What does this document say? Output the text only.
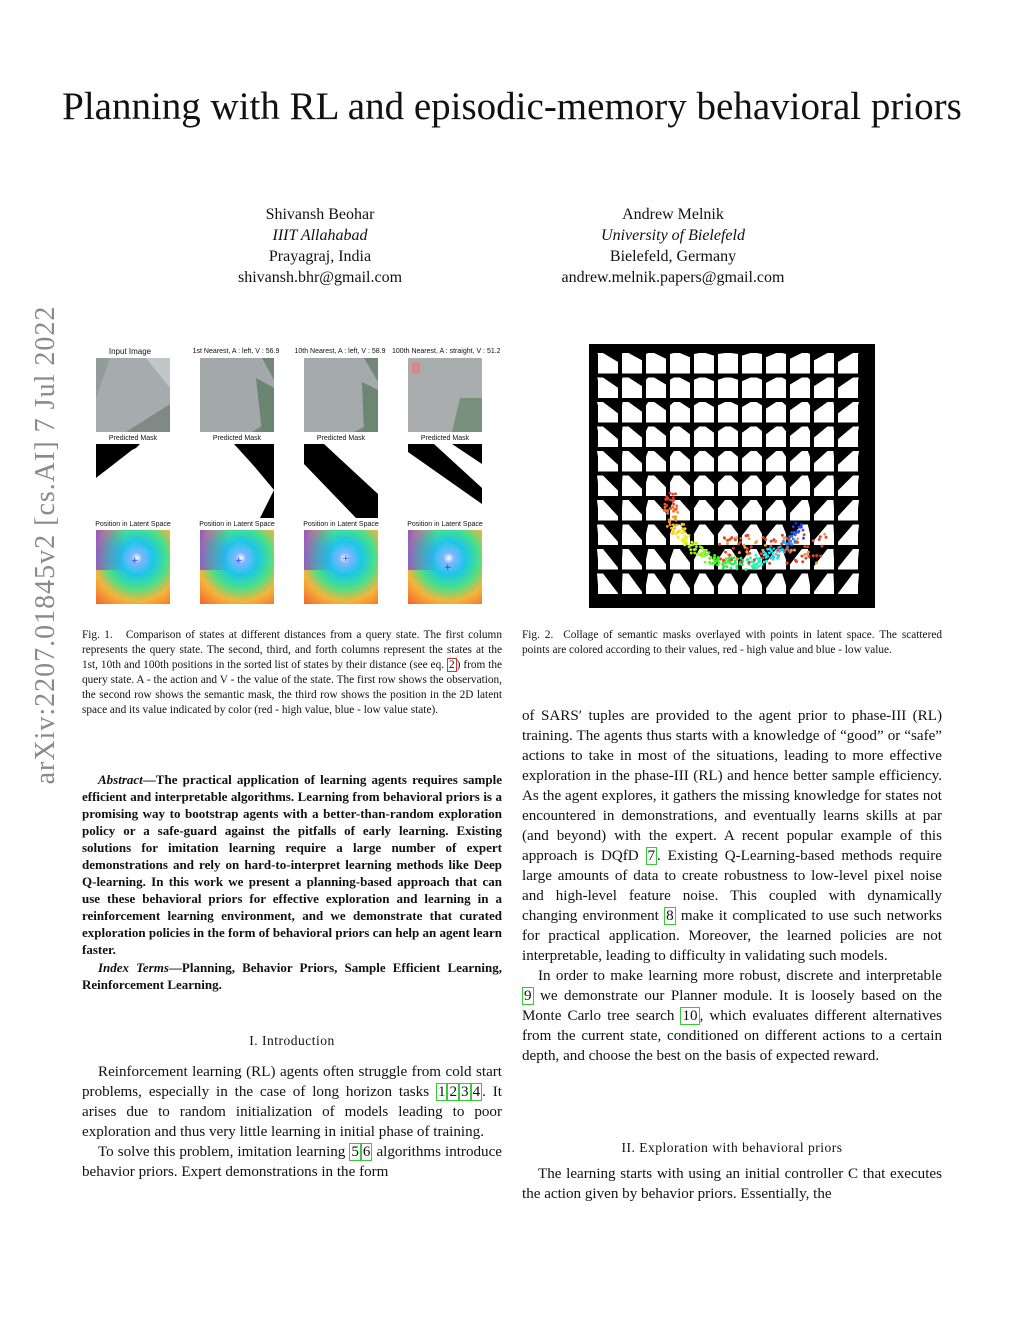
arXiv:2207.01845v2 [cs.AI] 7 Jul 2022
Planning with RL and episodic-memory behavioral priors
Shivansh Beohar
IIIT Allahabad
Prayagraj, India
shivansh.bhr@gmail.com
Andrew Melnik
University of Bielefeld
Bielefeld, Germany
andrew.melnik.papers@gmail.com
Input Image	1st Nearest, A : left, V : 56.9	10th Nearest, A : left, V : 58.9 100th Nearest, A : straight, V : 51.2
Predicted Mask	Predicted Mask	Predicted Mask	Predicted Mask
Position in Latent Space	Position in Latent Space	Position in Latent Space	Position in Latent Space
+	+	+
+
Fig. 1. Comparison of states at different distances from a query state. The first column represents the query state. The second, third, and forth columns represent the states at the 1st, 10th and 100th positions in the sorted list of states by their distance (see eq. 2 ) from the query state. A - the action and V - the value of the state. The first row shows the observation, the second row shows the semantic mask, the third row shows the position in the 2D latent space and its value indicated by color (red - high value, blue - low value state).
Fig. 2. Collage of semantic masks overlayed with points in latent space. The scattered points are colored according to their values, red - high value and blue - low value.
Abstract—The practical application of learning agents requires sample efficient and interpretable algorithms. Learning from behavioral priors is a promising way to bootstrap agents with a better-than-random exploration policy or a safe-guard against the pitfalls of early learning. Existing solutions for imitation learning require a large number of expert demonstrations and rely on hard-to-interpret learning methods like Deep Q-learning. In this work we present a planning-based approach that can use these behavioral priors for effective exploration and learning in a reinforcement learning environment, and we demonstrate that curated exploration policies in the form of behavioral priors can help an agent learn faster.
Index Terms—Planning, Behavior Priors, Sample Efficient Learning, Reinforcement Learning.
I. Introduction

Reinforcement learning (RL) agents often struggle from cold start problems, especially in the case of long horizon tasks 1 2 3 4 . It arises due to random initialization of models leading to poor exploration and thus very little learning in initial phase of training.

To solve this problem, imitation learning 5 6 algorithms introduce behavior priors. Expert demonstrations in the form

of SARS′ tuples are provided to the agent prior to phase-III (RL) training. The agents thus starts with a knowledge of “good” or “safe” actions to take in most of the situations, leading to more effective exploration in the phase-III (RL) and hence better sample efficiency. As the agent explores, it gathers the missing knowledge for states not encountered in demonstrations, and eventually learns skills at par (and beyond) with the expert. A recent popular example of this approach is DQfD 7 . Existing Q-Learning-based methods require large amounts of data to create robustness to low-level pixel noise and high-level feature noise. This coupled with dynamically changing environment 8 make it complicated to use such networks for practical application. Moreover, the learned policies are not interpretable, leading to difficulty in validating such models.

In order to make learning more robust, discrete and interpretable 9 we demonstrate our Planner module. It is loosely based on the Monte Carlo tree search 10 , which evaluates different alternatives from the current state, conditioned on different actions to a certain depth, and choose the best on the basis of expected reward.

II. Exploration with behavioral priors

The learning starts with using an initial controller C that executes the action given by behavior priors. Essentially, the
